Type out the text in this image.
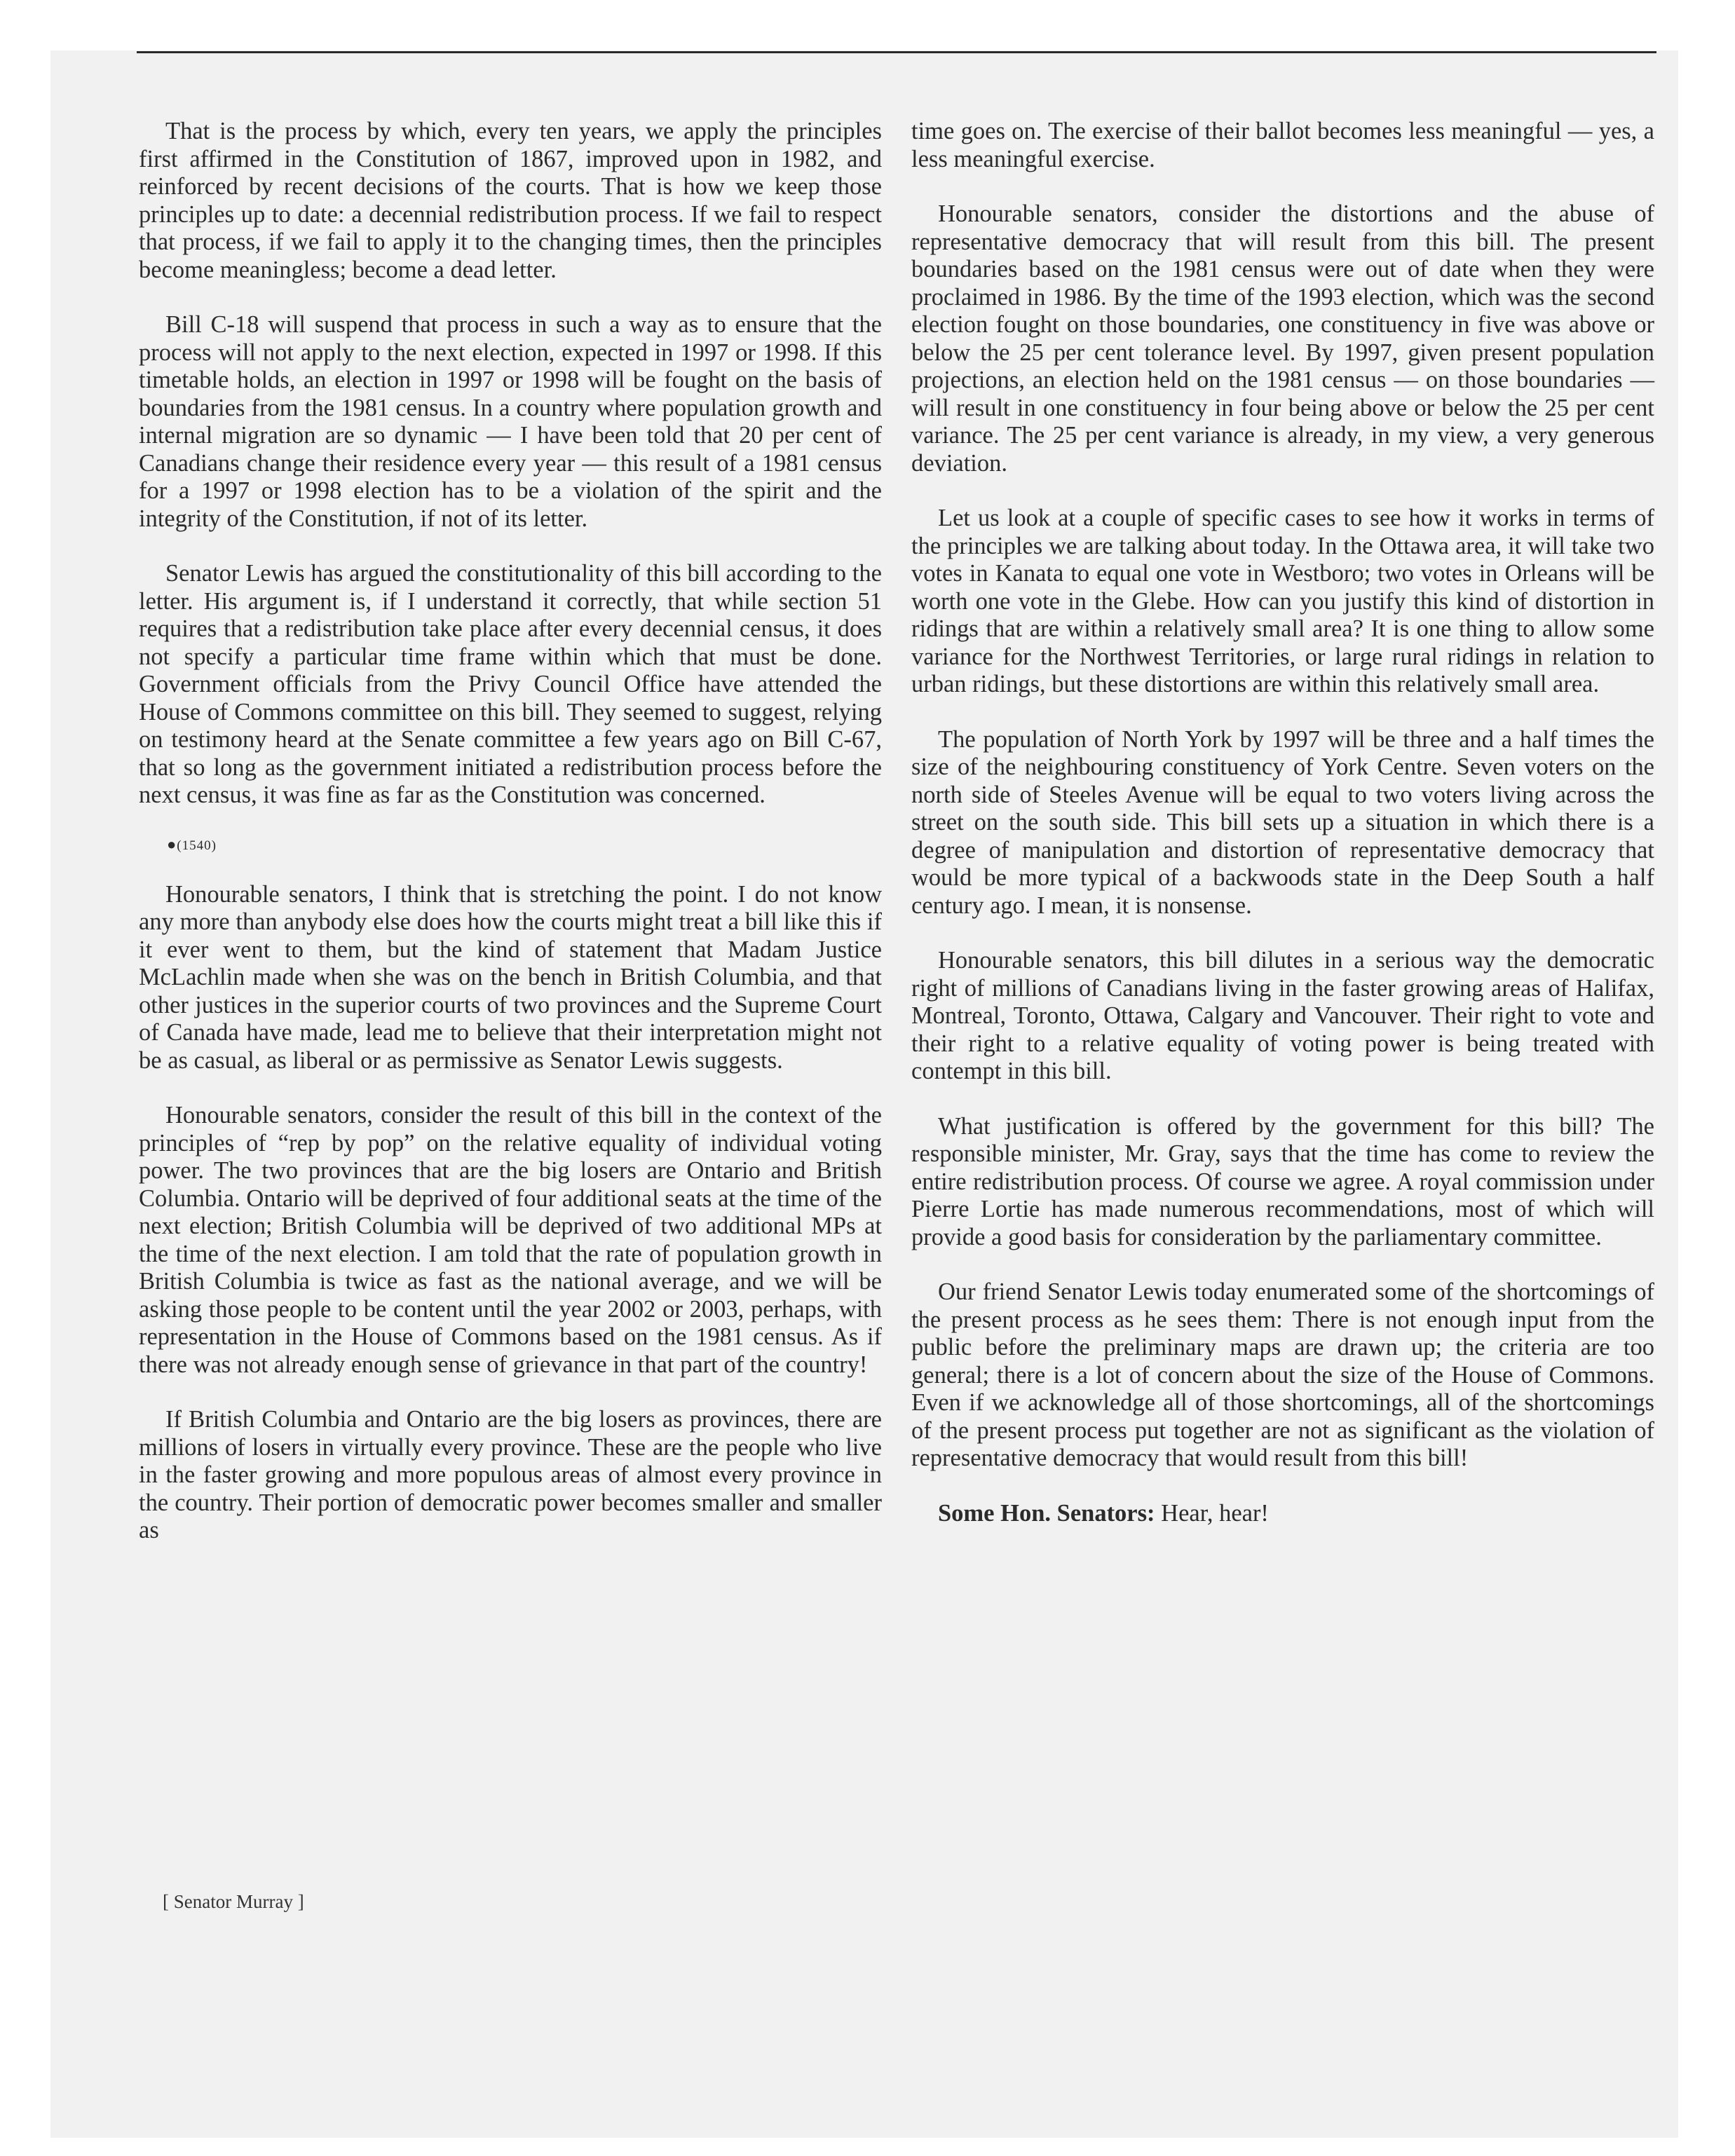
That is the process by which, every ten years, we apply the principles first affirmed in the Constitution of 1867, improved upon in 1982, and reinforced by recent decisions of the courts. That is how we keep those principles up to date: a decennial redistribution process. If we fail to respect that process, if we fail to apply it to the changing times, then the principles become meaningless; become a dead letter.

Bill C-18 will suspend that process in such a way as to ensure that the process will not apply to the next election, expected in 1997 or 1998. If this timetable holds, an election in 1997 or 1998 will be fought on the basis of boundaries from the 1981 census. In a country where population growth and internal migration are so dynamic — I have been told that 20 per cent of Canadians change their residence every year — this result of a 1981 census for a 1997 or 1998 election has to be a violation of the spirit and the integrity of the Constitution, if not of its letter.

Senator Lewis has argued the constitutionality of this bill according to the letter. His argument is, if I understand it correctly, that while section 51 requires that a redistribution take place after every decennial census, it does not specify a particular time frame within which that must be done. Government officials from the Privy Council Office have attended the House of Commons committee on this bill. They seemed to suggest, relying on testimony heard at the Senate committee a few years ago on Bill C-67, that so long as the government initiated a redistribution process before the next census, it was fine as far as the Constitution was concerned.

●(1540)

Honourable senators, I think that is stretching the point. I do not know any more than anybody else does how the courts might treat a bill like this if it ever went to them, but the kind of statement that Madam Justice McLachlin made when she was on the bench in British Columbia, and that other justices in the superior courts of two provinces and the Supreme Court of Canada have made, lead me to believe that their interpretation might not be as casual, as liberal or as permissive as Senator Lewis suggests.

Honourable senators, consider the result of this bill in the context of the principles of “rep by pop” on the relative equality of individual voting power. The two provinces that are the big losers are Ontario and British Columbia. Ontario will be deprived of four additional seats at the time of the next election; British Columbia will be deprived of two additional MPs at the time of the next election. I am told that the rate of population growth in British Columbia is twice as fast as the national average, and we will be asking those people to be content until the year 2002 or 2003, perhaps, with representation in the House of Commons based on the 1981 census. As if there was not already enough sense of grievance in that part of the country!

If British Columbia and Ontario are the big losers as provinces, there are millions of losers in virtually every province. These are the people who live in the faster growing and more populous areas of almost every province in the country. Their portion of democratic power becomes smaller and smaller as

time goes on. The exercise of their ballot becomes less meaningful — yes, a less meaningful exercise.

Honourable senators, consider the distortions and the abuse of representative democracy that will result from this bill. The present boundaries based on the 1981 census were out of date when they were proclaimed in 1986. By the time of the 1993 election, which was the second election fought on those boundaries, one constituency in five was above or below the 25 per cent tolerance level. By 1997, given present population projections, an election held on the 1981 census — on those boundaries — will result in one constituency in four being above or below the 25 per cent variance. The 25 per cent variance is already, in my view, a very generous deviation.

Let us look at a couple of specific cases to see how it works in terms of the principles we are talking about today. In the Ottawa area, it will take two votes in Kanata to equal one vote in Westboro; two votes in Orleans will be worth one vote in the Glebe. How can you justify this kind of distortion in ridings that are within a relatively small area? It is one thing to allow some variance for the Northwest Territories, or large rural ridings in relation to urban ridings, but these distortions are within this relatively small area.

The population of North York by 1997 will be three and a half times the size of the neighbouring constituency of York Centre. Seven voters on the north side of Steeles Avenue will be equal to two voters living across the street on the south side. This bill sets up a situation in which there is a degree of manipulation and distortion of representative democracy that would be more typical of a backwoods state in the Deep South a half century ago. I mean, it is nonsense.

Honourable senators, this bill dilutes in a serious way the democratic right of millions of Canadians living in the faster growing areas of Halifax, Montreal, Toronto, Ottawa, Calgary and Vancouver. Their right to vote and their right to a relative equality of voting power is being treated with contempt in this bill.

What justification is offered by the government for this bill? The responsible minister, Mr. Gray, says that the time has come to review the entire redistribution process. Of course we agree. A royal commission under Pierre Lortie has made numerous recommendations, most of which will provide a good basis for consideration by the parliamentary committee.

Our friend Senator Lewis today enumerated some of the shortcomings of the present process as he sees them: There is not enough input from the public before the preliminary maps are drawn up; the criteria are too general; there is a lot of concern about the size of the House of Commons. Even if we acknowledge all of those shortcomings, all of the shortcomings of the present process put together are not as significant as the violation of representative democracy that would result from this bill!

Some Hon. Senators: Hear, hear!

[ Senator Murray ]
